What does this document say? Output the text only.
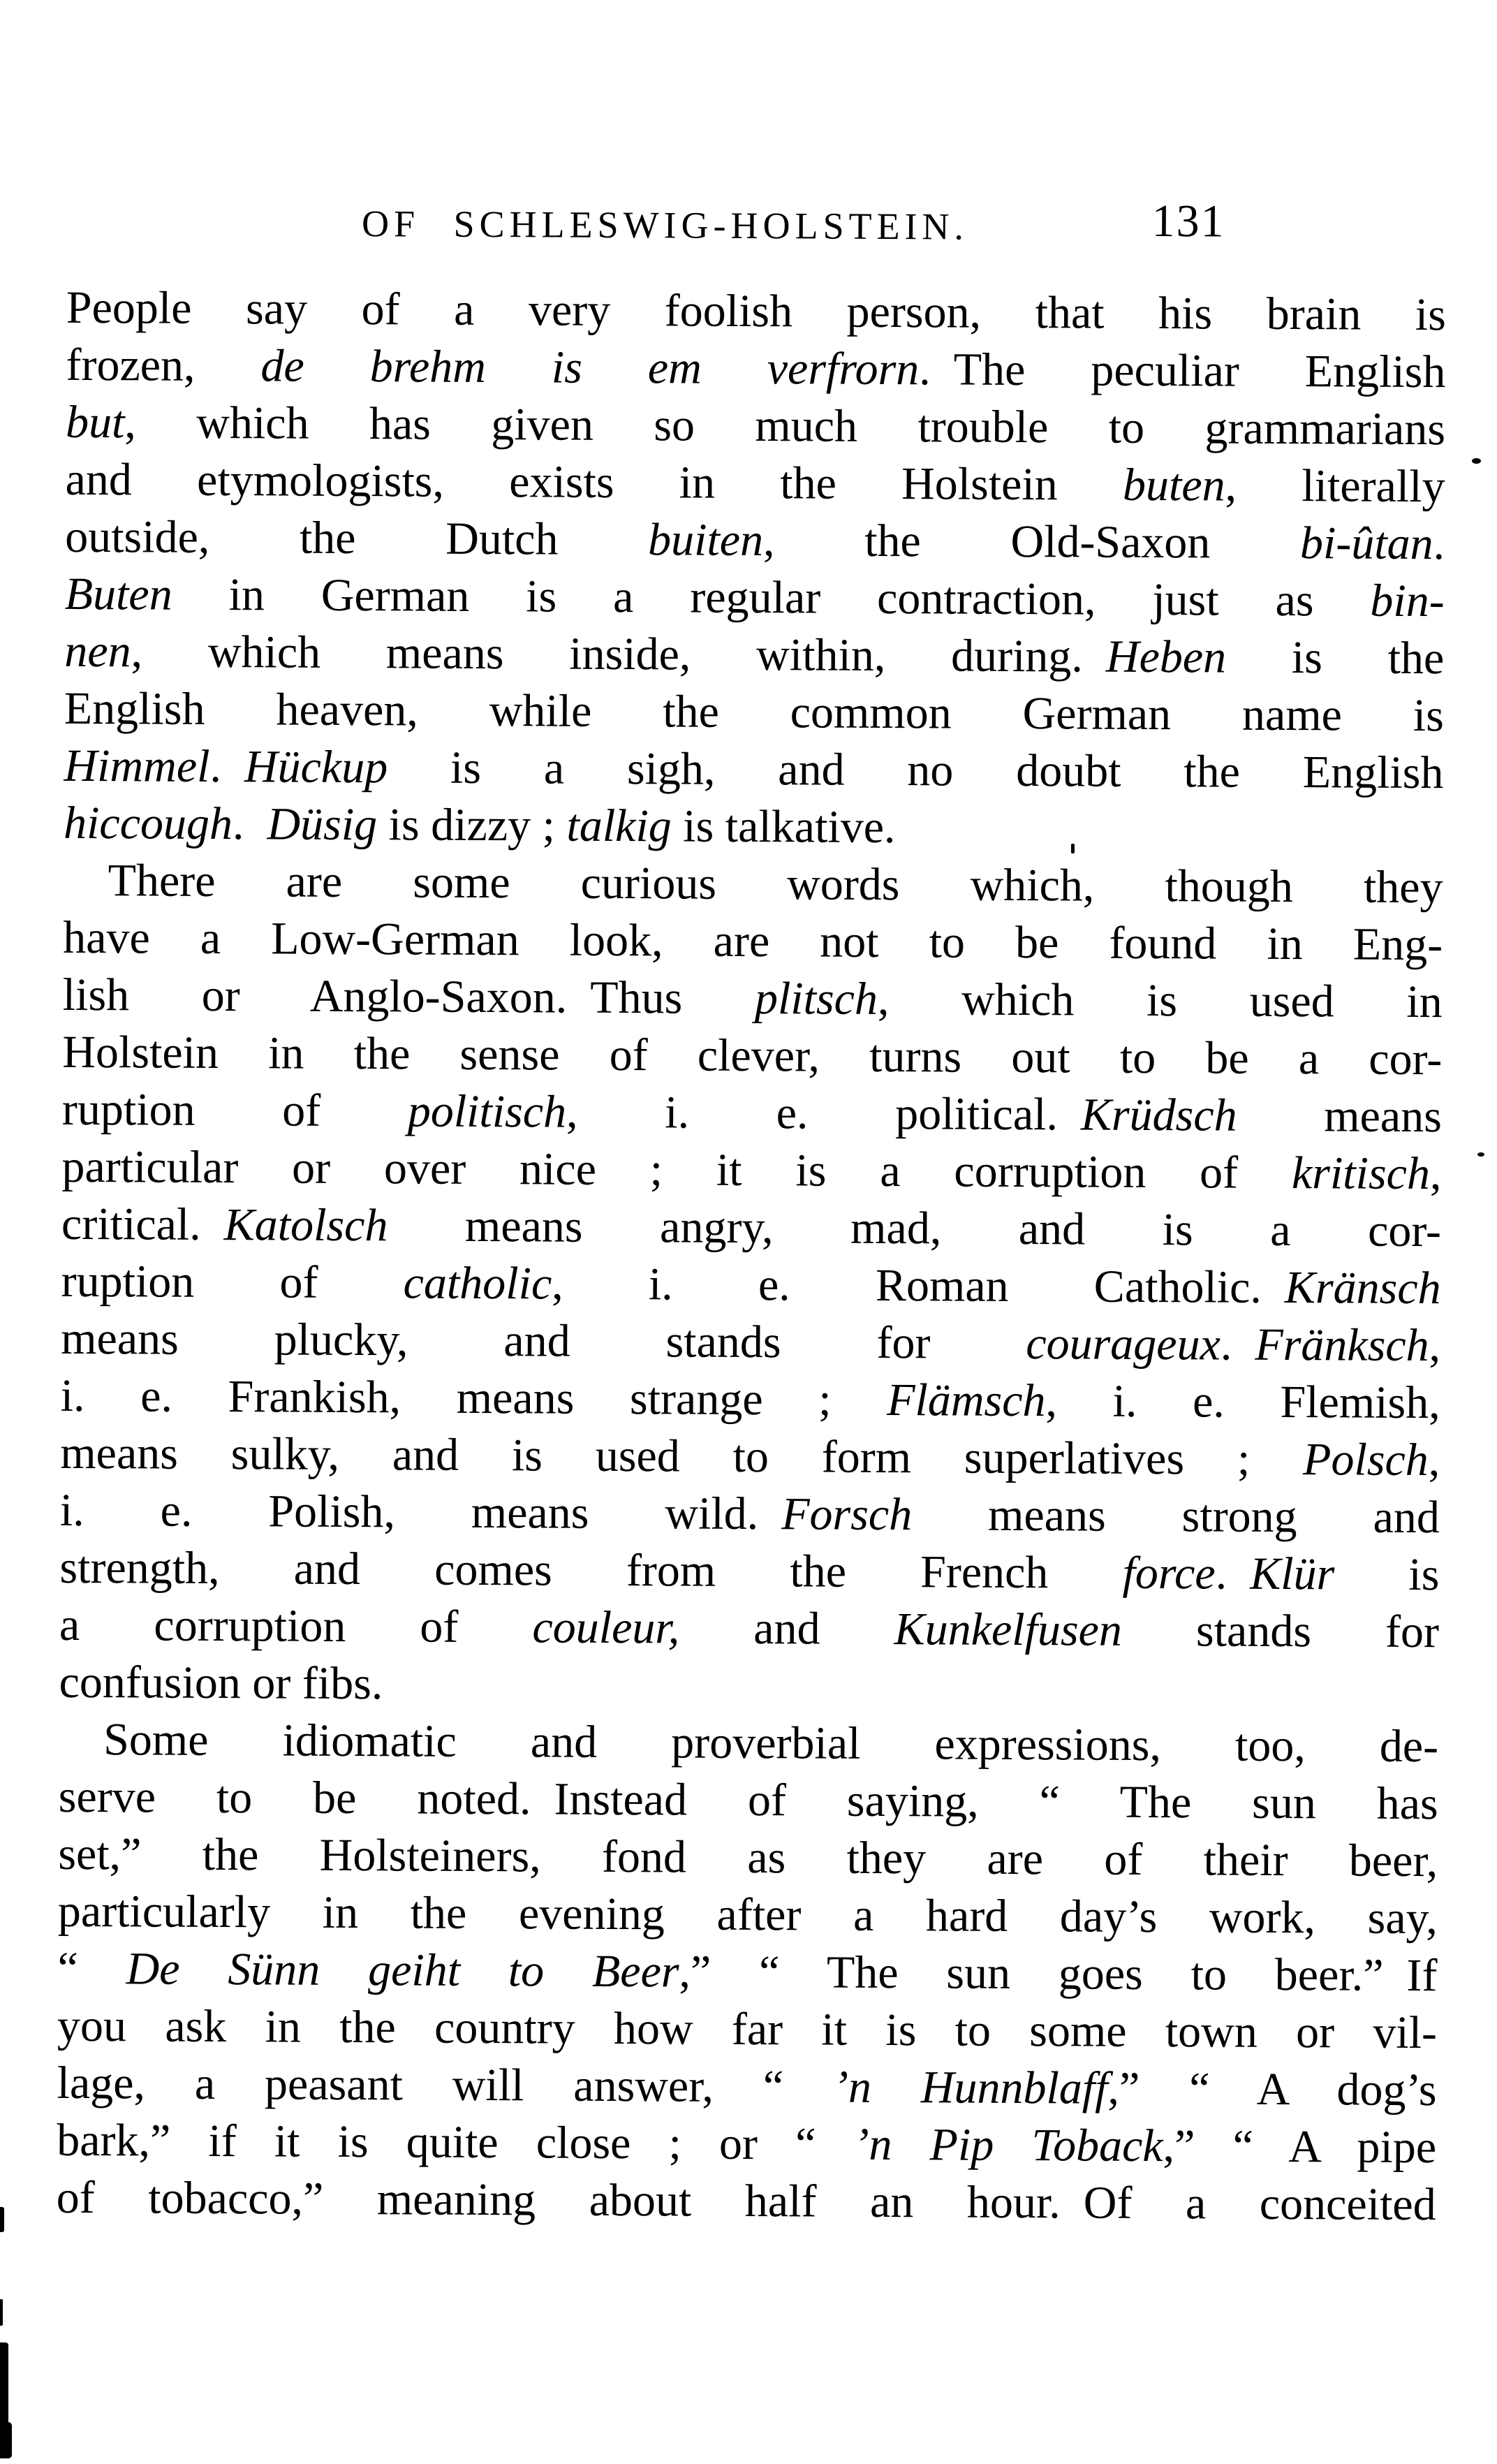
OF SCHLESWIG-HOLSTEIN.	131
People say of a very foolish person, that his brain is
frozen, de brehm is em verfrorn. The peculiar English
but, which has given so much trouble to grammarians
and etymologists, exists in the Holstein buten, literally
outside, the Dutch buiten, the Old-Saxon bi-ûtan.
Buten in German is a regular contraction, just as bin-
nen, which means inside, within, during. Heben is the
English heaven, while the common German name is
Himmel. Hückup is a sigh, and no doubt the English
hiccough. Düsig is dizzy ; talkig is talkative.
There are some curious words which, though they
have a Low-German look, are not to be found in Eng-
lish or Anglo-Saxon. Thus plitsch, which is used in
Holstein in the sense of clever, turns out to be a cor-
ruption of politisch, i. e. political. Krüdsch means
particular or over nice ; it is a corruption of kritisch,
critical. Katolsch means angry, mad, and is a cor-
ruption of catholic, i. e. Roman Catholic. Kränsch
means plucky, and stands for courageux. Fränksch,
i. e. Frankish, means strange ; Flämsch, i. e. Flemish,
means sulky, and is used to form superlatives ; Polsch,
i. e. Polish, means wild. Forsch means strong and
strength, and comes from the French force. Klür is
a corruption of couleur, and Kunkelfusen stands for
confusion or fibs.
Some idiomatic and proverbial expressions, too, de-
serve to be noted. Instead of saying, “ The sun has
set,” the Holsteiners, fond as they are of their beer,
particularly in the evening after a hard day’s work, say,
“ De Sünn geiht to Beer,” “ The sun goes to beer.” If
you ask in the country how far it is to some town or vil-
lage, a peasant will answer, “ ’n Hunnblaff,” “ A dog’s
bark,” if it is quite close ; or “ ’n Pip Toback,” “ A pipe
of tobacco,” meaning about half an hour. Of a conceited
